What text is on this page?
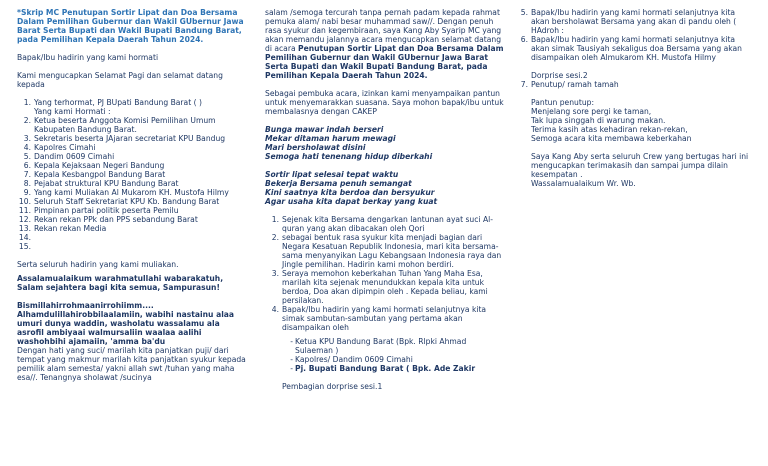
*Skrip MC Penutupan Sortir Lipat dan Doa Bersama Dalam Pemilihan Gubernur dan Wakil GUbernur Jawa Barat Serta Bupati dan Wakil Bupati Bandung Barat, pada Pemilihan Kepala Daerah Tahun 2024.

Bapak/Ibu hadirin yang kami hormati

Kami mengucapkan Selamat Pagi dan selamat datang kepada

1. Yang terhormat, PJ BUpati Bandung Barat ( )
Yang kami Hormati :
2. Ketua beserta Anggota Komisi Pemilihan Umum Kabupaten Bandung Barat.
3. Sekretaris beserta JAjaran secretariat KPU Bandug
4. Kapolres Cimahi
5. Dandim 0609 Cimahi
6. Kepala Kejaksaan Negeri Bandung
7. Kepala Kesbangpol Bandung Barat
8. Pejabat struktural KPU Bandung Barat
9. Yang kami Muliakan Al Mukarom KH. Mustofa Hilmy
10. Seluruh Staff Sekretariat KPU Kb. Bandung Barat
11. Pimpinan partai politik peserta Pemilu
12. Rekan rekan PPk dan PPS sebandung Barat
13. Rekan rekan Media
14.

15.

Serta seluruh hadirin yang kami muliakan.

Assalamualaikum warahmatullahi wabarakatuh, Salam sejahtera bagi kita semua, Sampurasun!

Bismillahirrohmaanirrohiimm.... Alhamdulillahirobbilaalamiin, wabihi nastainu alaa umuri dunya waddin, washolatu wassalamu ala asrofil ambiyaai walmursaliin waalaa aalihi washohbihi ajamaiin, 'amma ba'du

Dengan hati yang suci/ marilah kita panjatkan puji/ dari tempat yang makmur marilah kita panjatkan syukur kepada pemilik alam semesta/ yakni allah swt /tuhan yang maha esa//. Tenangnya sholawat /sucinya

salam /semoga tercurah tanpa pernah padam kepada rahmat pemuka alam/ nabi besar muhammad saw//. Dengan penuh rasa syukur dan kegembiraan, saya Kang Aby Syarip MC yang akan memandu jalannya acara mengucapkan selamat datang di acara Penutupan Sortir Lipat dan Doa Bersama Dalam Pemilihan Gubernur dan Wakil GUbernur Jawa Barat Serta Bupati dan Wakil Bupati Bandung Barat, pada Pemilihan Kepala Daerah Tahun 2024.

Sebagai pembuka acara, izinkan kami menyampaikan pantun untuk menyemarakkan suasana. Saya mohon bapak/ibu untuk membalasnya dengan CAKEP

Bunga mawar indah berseri

Mekar ditaman harum mewagi

Mari bersholawat disini

Semoga hati tenenang hidup diberkahi

Sortir lipat selesai tepat waktu

Bekerja Bersama penuh semangat

Kini saatnya kita berdoa dan bersyukur

Agar usaha kita dapat berkay yang kuat

1. Sejenak kita Bersama dengarkan lantunan ayat suci Al-quran yang akan dibacakan oleh Qori
2. sebagai bentuk rasa syukur kita menjadi bagian dari Negara Kesatuan Republik Indonesia, mari kita bersama-sama menyanyikan Lagu Kebangsaan Indonesia raya dan Jingle pemilihan. Hadirin kami mohon berdiri.
3. Seraya memohon keberkahan Tuhan Yang Maha Esa, marilah kita sejenak menundukkan kepala kita untuk berdoa, Doa akan dipimpin oleh . Kepada beliau, kami persilakan.
4. Bapak/Ibu hadirin yang kami hormati selanjutnya kita simak sambutan-sambutan yang pertama akan disampaikan oleh
- Ketua KPU Bandung Barat (Bpk. Rlpki Ahmad Sulaeman )
- Kapolres/ Dandim 0609 Cimahi
- Pj. Bupati Bandung Barat ( Bpk. Ade Zakir

Pembagian dorprise sesi.1

5. Bapak/Ibu hadirin yang kami hormati selanjutnya kita akan bersholawat Bersama yang akan di pandu oleh ( HAdroh :
6. Bapak/Ibu hadirin yang kami hormati selanjutnya kita akan simak Tausiyah sekaligus doa Bersama yang akan disampaikan oleh Almukarom KH. Mustofa Hilmy

Dorprise sesi.2

7. Penutup/ ramah tamah

Pantun penutup:

Menjelang sore pergi ke taman,

Tak lupa singgah di warung makan.

Terima kasih atas kehadiran rekan-rekan,

Semoga acara kita membawa keberkahan

Saya Kang Aby serta seluruh Crew yang bertugas hari ini mengucapkan terimakasih dan sampai jumpa dilain kesempatan .

Wassalamualaikum Wr. Wb.
